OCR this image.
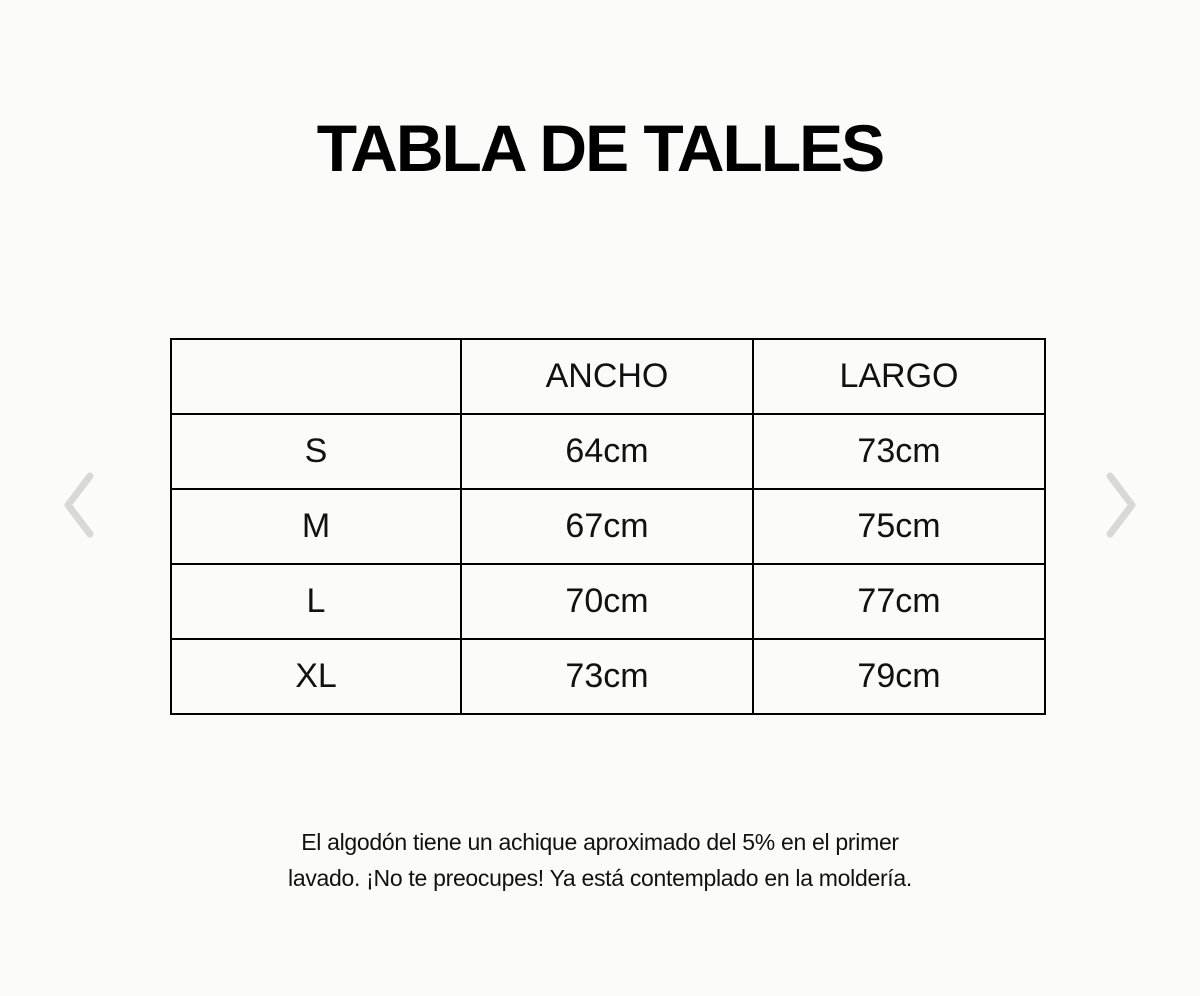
TABLA DE TALLES
	ANCHO	LARGO
S	64cm	73cm
M	67cm	75cm
L	70cm	77cm
XL	73cm	79cm
El algodón tiene un achique aproximado del 5% en el primer
lavado. ¡No te preocupes! Ya está contemplado en la moldería.
